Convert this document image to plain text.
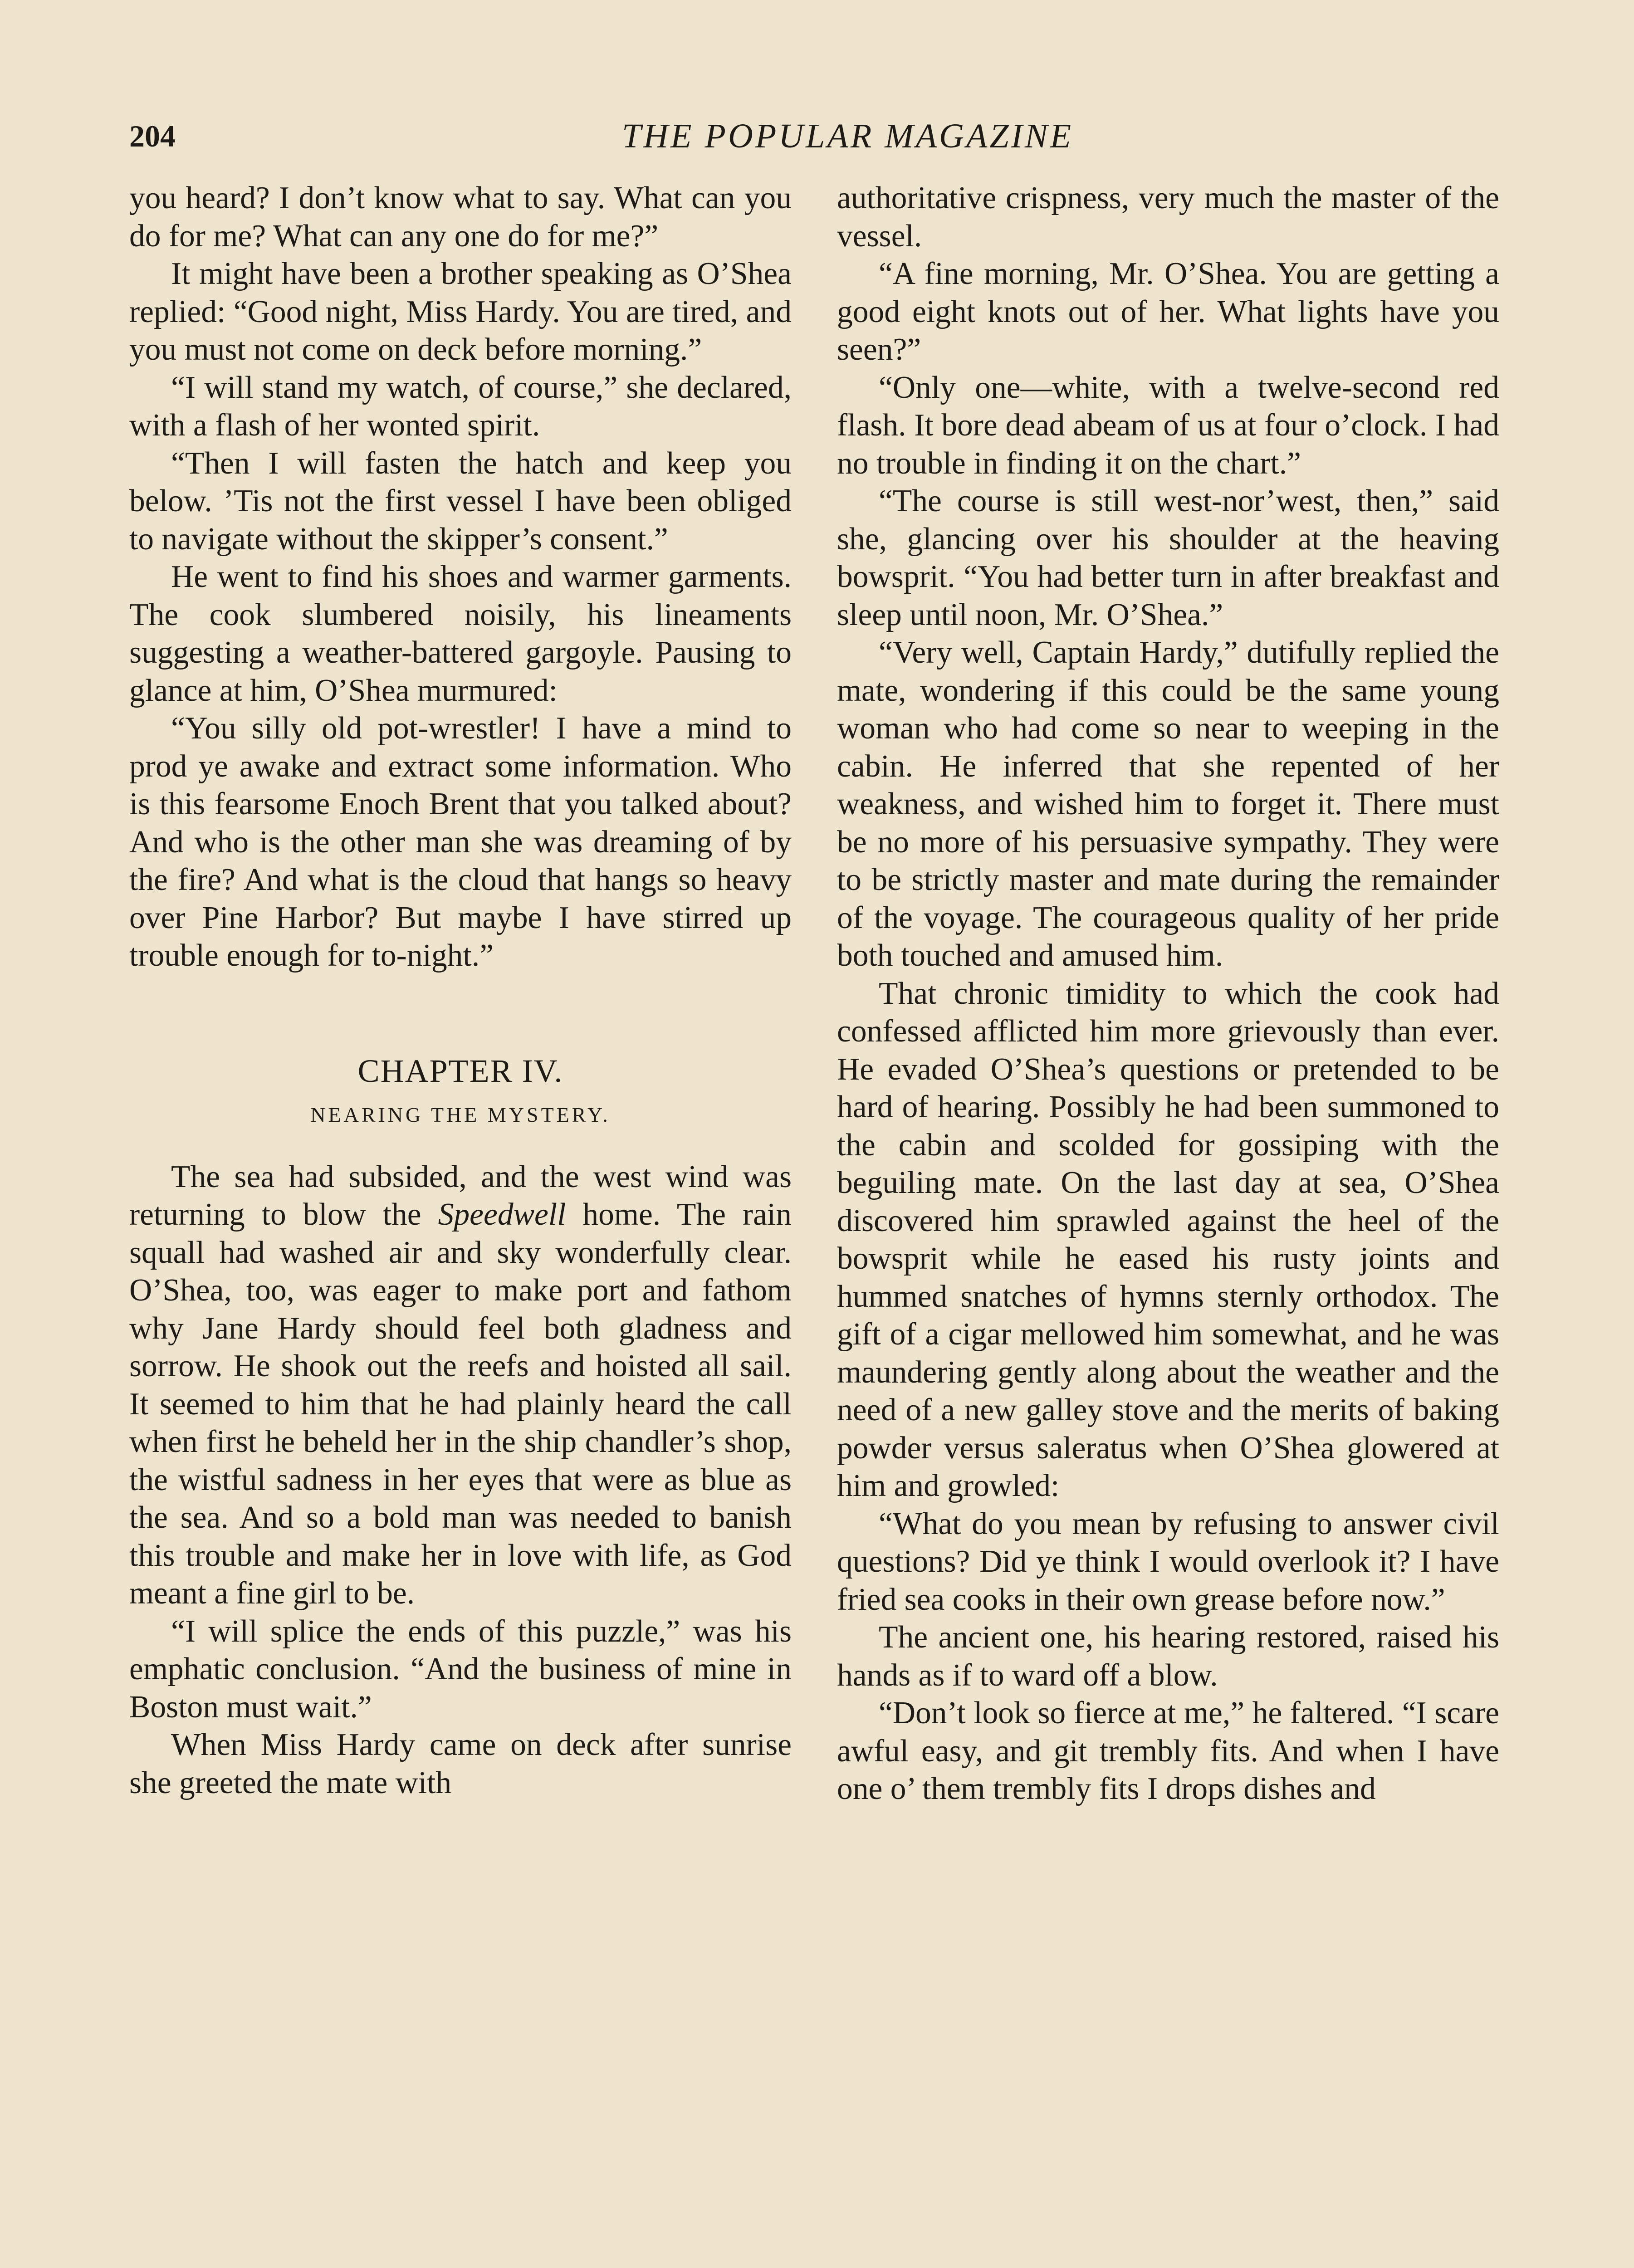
204	THE POPULAR MAGAZINE

you heard? I don’t know what to say. What can you do for me? What can any one do for me?”

It might have been a brother speaking as O’Shea replied: “Good night, Miss Hardy. You are tired, and you must not come on deck before morning.”

“I will stand my watch, of course,” she declared, with a flash of her wonted spirit.

“Then I will fasten the hatch and keep you below. ’Tis not the first vessel I have been obliged to navigate without the skipper’s consent.”

He went to find his shoes and warmer garments. The cook slumbered noisily, his lineaments suggesting a weather-battered gargoyle. Pausing to glance at him, O’Shea murmured:

“You silly old pot-wrestler! I have a mind to prod ye awake and extract some information. Who is this fearsome Enoch Brent that you talked about? And who is the other man she was dreaming of by the fire? And what is the cloud that hangs so heavy over Pine Harbor? But maybe I have stirred up trouble enough for to-night.”

CHAPTER IV.
NEARING THE MYSTERY.

The sea had subsided, and the west wind was returning to blow the Speedwell home. The rain squall had washed air and sky wonderfully clear. O’Shea, too, was eager to make port and fathom why Jane Hardy should feel both gladness and sorrow. He shook out the reefs and hoisted all sail. It seemed to him that he had plainly heard the call when first he beheld her in the ship chandler’s shop, the wistful sadness in her eyes that were as blue as the sea. And so a bold man was needed to banish this trouble and make her in love with life, as God meant a fine girl to be.

“I will splice the ends of this puzzle,” was his emphatic conclusion. “And the business of mine in Boston must wait.”

When Miss Hardy came on deck after sunrise she greeted the mate with

authoritative crispness, very much the master of the vessel.

“A fine morning, Mr. O’Shea. You are getting a good eight knots out of her. What lights have you seen?”

“Only one—white, with a twelve-second red flash. It bore dead abeam of us at four o’clock. I had no trouble in finding it on the chart.”

“The course is still west-nor’west, then,” said she, glancing over his shoulder at the heaving bowsprit. “You had better turn in after breakfast and sleep until noon, Mr. O’Shea.”

“Very well, Captain Hardy,” dutifully replied the mate, wondering if this could be the same young woman who had come so near to weeping in the cabin. He inferred that she repented of her weakness, and wished him to forget it. There must be no more of his persuasive sympathy. They were to be strictly master and mate during the remainder of the voyage. The courageous quality of her pride both touched and amused him.

That chronic timidity to which the cook had confessed afflicted him more grievously than ever. He evaded O’Shea’s questions or pretended to be hard of hearing. Possibly he had been summoned to the cabin and scolded for gossiping with the beguiling mate. On the last day at sea, O’Shea discovered him sprawled against the heel of the bowsprit while he eased his rusty joints and hummed snatches of hymns sternly orthodox. The gift of a cigar mellowed him somewhat, and he was maundering gently along about the weather and the need of a new galley stove and the merits of baking powder versus saleratus when O’Shea glowered at him and growled:

“What do you mean by refusing to answer civil questions? Did ye think I would overlook it? I have fried sea cooks in their own grease before now.”

The ancient one, his hearing restored, raised his hands as if to ward off a blow.

“Don’t look so fierce at me,” he faltered. “I scare awful easy, and git trembly fits. And when I have one o’ them trembly fits I drops dishes and
